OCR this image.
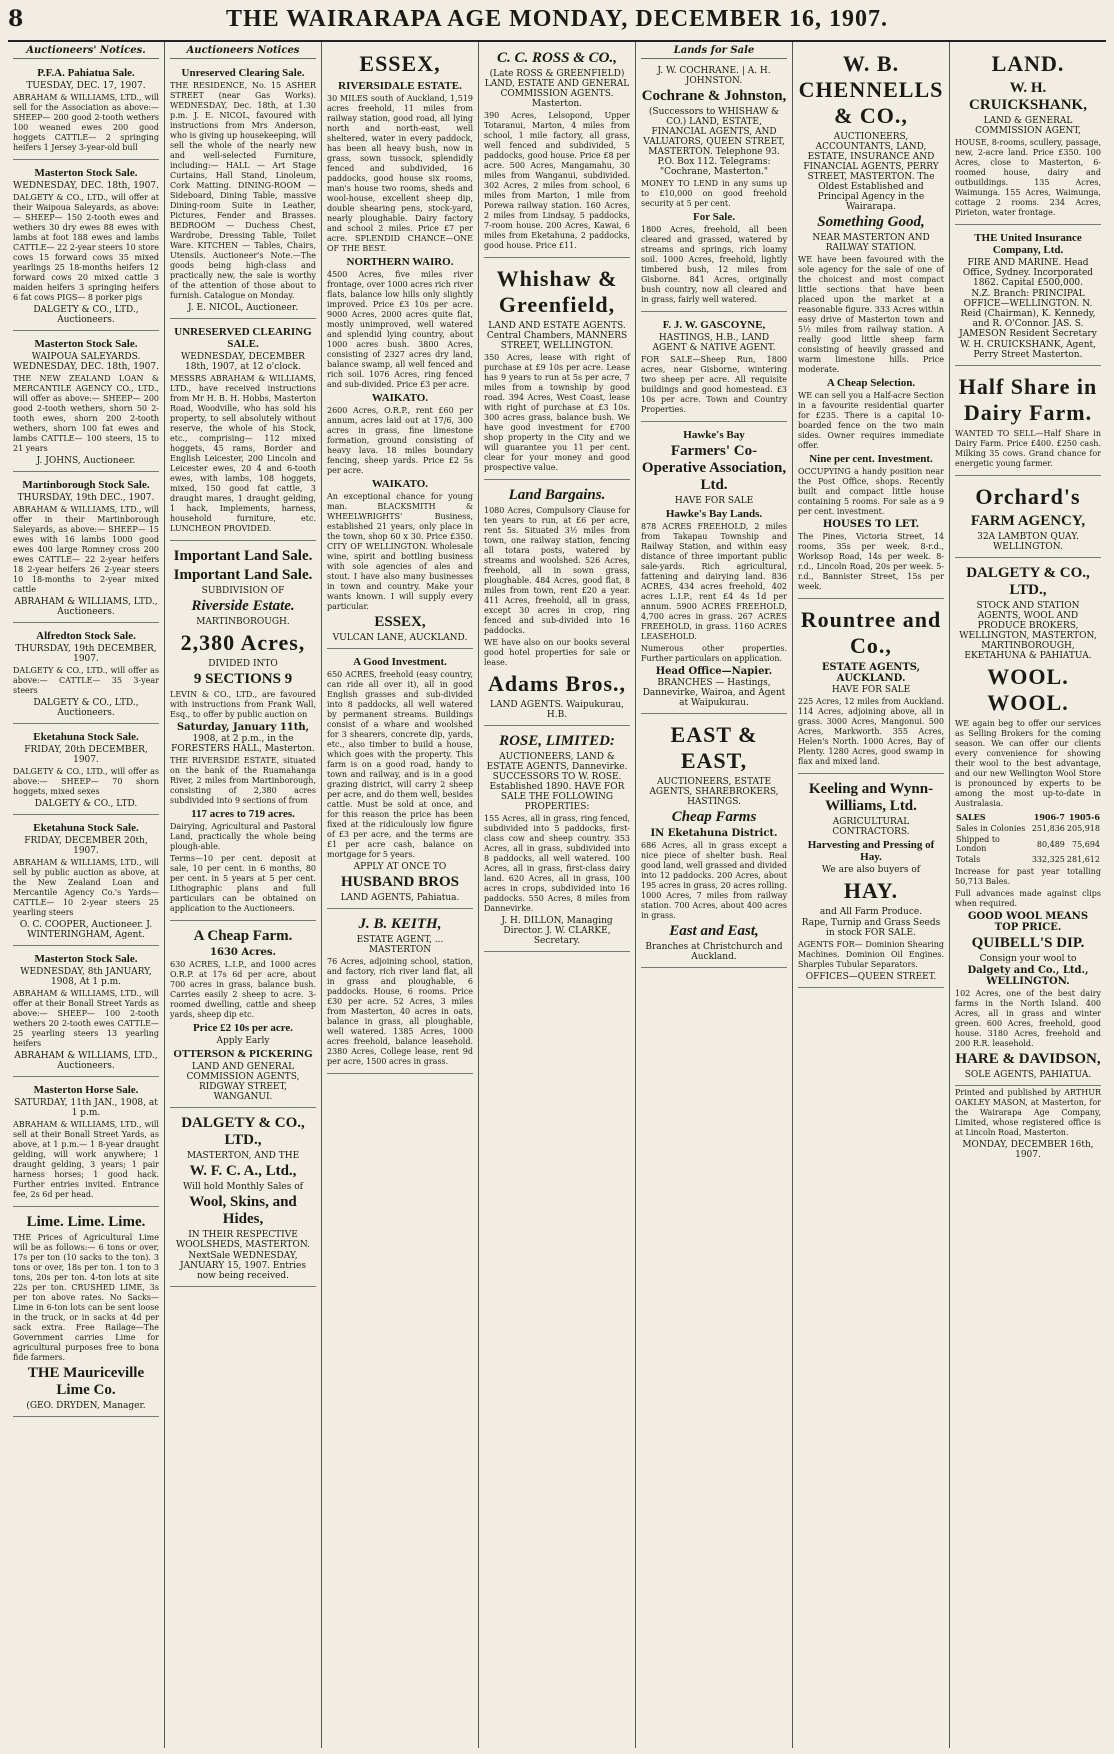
8	THE WAIRARAPA AGE MONDAY, DECEMBER 16, 1907.
Auctioneers' Notices.
P.F.A. Pahiatua Sale.
TUESDAY, DEC. 17, 1907.

ABRAHAM & WILLIAMS, LTD., will sell for the Association as above:— SHEEP— 200 good 2-tooth wethers 100 weaned ewes 200 good hoggets CATTLE— 2 springing heifers 1 Jersey 3-year-old bull

Masterton Stock Sale.
WEDNESDAY, DEC. 18th, 1907.

DALGETY & CO., LTD., will offer at their Waipoua Saleyards, as above:— SHEEP— 150 2-tooth ewes and wethers 30 dry ewes 88 ewes with lambs at foot 188 ewes and lambs CATTLE— 22 2-year steers 10 store cows 15 forward cows 35 mixed yearlings 25 18-months heifers 12 forward cows 20 mixed cattle 3 maiden heifers 3 springing heifers 6 fat cows PIGS— 8 porker pigs

DALGETY & CO., LTD., Auctioneers.
Masterton Stock Sale.
WAIPOUA SALEYARDS. WEDNESDAY, DEC. 18th, 1907.

THE NEW ZEALAND LOAN & MERCANTILE AGENCY CO., LTD., will offer as above:— SHEEP— 200 good 2-tooth wethers, shorn 50 2-tooth ewes, shorn 200 2-tooth wethers, shorn 100 fat ewes and lambs CATTLE— 100 steers, 15 to 21 years

J. JOHNS, Auctioneer.
Martinborough Stock Sale.
THURSDAY, 19th DEC., 1907.

ABRAHAM & WILLIAMS, LTD., will offer in their Martinborough Saleyards, as above:— SHEEP— 15 ewes with 16 lambs 1000 good ewes 400 large Romney cross 200 ewes CATTLE— 22 2-year heifers 18 2-year heifers 26 2-year steers 10 18-months to 2-year mixed cattle

ABRAHAM & WILLIAMS, LTD., Auctioneers.
Alfredton Stock Sale.
THURSDAY, 19th DECEMBER, 1907.

DALGETY & CO., LTD., will offer as above:— CATTLE— 35 3-year steers

DALGETY & CO., LTD., Auctioneers.
Eketahuna Stock Sale.
FRIDAY, 20th DECEMBER, 1907.

DALGETY & CO., LTD., will offer as above:— SHEEP— 70 shorn hoggets, mixed sexes

DALGETY & CO., LTD.
Eketahuna Stock Sale.
FRIDAY, DECEMBER 20th, 1907.

ABRAHAM & WILLIAMS, LTD., will sell by public auction as above, at the New Zealand Loan and Mercantile Agency Co.'s Yards— CATTLE— 10 2-year steers 25 yearling steers

O. C. COOPER, Auctioneer. J. WINTERINGHAM, Agent.
Masterton Stock Sale.
WEDNESDAY, 8th JANUARY, 1908, At 1 p.m.

ABRAHAM & WILLIAMS, LTD., will offer at their Bonall Street Yards as above:— SHEEP— 100 2-tooth wethers 20 2-tooth ewes CATTLE— 25 yearling steers 13 yearling heifers

ABRAHAM & WILLIAMS, LTD., Auctioneers.
Masterton Horse Sale.
SATURDAY, 11th JAN., 1908, at 1 p.m.

ABRAHAM & WILLIAMS, LTD., will sell at their Bonall Street Yards, as above, at 1 p.m.— 1 8-year draught gelding, will work anywhere; 1 draught gelding, 3 years; 1 pair harness horses; 1 good hack. Further entries invited. Entrance fee, 2s 6d per head.

Lime. Lime. Lime.

THE Prices of Agricultural Lime will be as follows:— 6 tons or over, 17s per ton (10 sacks to the ton). 3 tons or over, 18s per ton. 1 ton to 3 tons, 20s per ton. 4-ton lots at site 22s per ton. CRUSHED LIME, 3s per ton above rates. No Sacks—Lime in 6-ton lots can be sent loose in the truck, or in sacks at 4d per sack extra. Free Railage—The Government carries Lime for agricultural purposes free to bona fide farmers.

THE Mauriceville Lime Co.
(GEO. DRYDEN, Manager.
Auctioneers Notices
Unreserved Clearing Sale.

THE RESIDENCE, No. 15 ASHER STREET (near Gas Works). WEDNESDAY, Dec. 18th, at 1.30 p.m. J. E. NICOL, favoured with instructions from Mrs Anderson, who is giving up housekeeping, will sell the whole of the nearly new and well-selected Furniture, including:— HALL — Art Stage Curtains, Hall Stand, Linoleum, Cork Matting. DINING-ROOM — Sideboard, Dining Table, massive Dining-room Suite in Leather, Pictures, Fender and Brasses. BEDROOM — Duchess Chest, Wardrobe, Dressing Table, Toilet Ware. KITCHEN — Tables, Chairs, Utensils. Auctioneer's Note.—The goods being high-class and practically new, the sale is worthy of the attention of those about to furnish. Catalogue on Monday.

J. E. NICOL, Auctioneer.
UNRESERVED CLEARING SALE.
WEDNESDAY, DECEMBER 18th, 1907, at 12 o'clock.

MESSRS ABRAHAM & WILLIAMS, LTD., have received instructions from Mr H. B. H. Hobbs, Masterton Road, Woodville, who has sold his property, to sell absolutely without reserve, the whole of his Stock, etc., comprising— 112 mixed hoggets, 45 rams, Border and English Leicester, 200 Lincoln and Leicester ewes, 20 4 and 6-tooth ewes, with lambs, 108 hoggets, mixed, 150 good fat cattle, 3 draught mares, 1 draught gelding, 1 hack, Implements, harness, household furniture, etc. LUNCHEON PROVIDED.

Important Land Sale.
Important Land Sale.
SUBDIVISION OF
Riverside Estate.
MARTINBOROUGH.
2,380 Acres,
DIVIDED INTO
9 SECTIONS 9

LEVIN & CO., LTD., are favoured with instructions from Frank Wall, Esq., to offer by public auction on

Saturday, January 11th,
1908, at 2 p.m., in the FORESTERS HALL, Masterton.

THE RIVERSIDE ESTATE, situated on the bank of the Ruamahanga River, 2 miles from Martinborough, consisting of 2,380 acres subdivided into 9 sections of from

117 acres to 719 acres.

Dairying, Agricultural and Pastoral Land, practically the whole being plough-able.

Terms—10 per cent. deposit at sale, 10 per cent. in 6 months, 80 per cent. in 5 years at 5 per cent. Lithographic plans and full particulars can be obtained on application to the Auctioneers.

A Cheap Farm.
1630 Acres.

630 ACRES, L.I.P., and 1000 acres O.R.P. at 17s 6d per acre, about 700 acres in grass, balance bush. Carries easily 2 sheep to acre. 3-roomed dwelling, cattle and sheep yards, sheep dip etc.

Price £2 10s per acre.
Apply Early
OTTERSON & PICKERING
LAND AND GENERAL COMMISSION AGENTS, RIDGWAY STREET, WANGANUI.
DALGETY & CO., LTD.,
MASTERTON, AND THE
W. F. C. A., Ltd.,
Will hold Monthly Sales of
Wool, Skins, and Hides,
IN THEIR RESPECTIVE WOOLSHEDS, MASTERTON.
NextSale WEDNESDAY, JANUARY 15, 1907. Entries now being received.
ESSEX,
RIVERSIDALE ESTATE.

30 MILES south of Auckland, 1,519 acres freehold, 11 miles from railway station, good road, all lying north and north-east, well sheltered, water in every paddock, has been all heavy bush, now in grass, sown tussock, splendidly fenced and subdivided, 16 paddocks, good house six rooms, man's house two rooms, sheds and wool-house, excellent sheep dip, double shearing pens, stock-yard, nearly ploughable. Dairy factory and school 2 miles. Price £7 per acre. SPLENDID CHANCE—ONE OF THE BEST.

NORTHERN WAIRO.

4500 Acres, five miles river frontage, over 1000 acres rich river flats, balance low hills only slightly improved. Price £3 10s per acre. 9000 Acres, 2000 acres quite flat, mostly unimproved, well watered and splendid lying country, about 1000 acres bush. 3800 Acres, consisting of 2327 acres dry land, balance swamp, all well fenced and rich soil. 1076 Acres, ring fenced and sub-divided. Price £3 per acre.

WAIKATO.

2600 Acres, O.R.P., rent £60 per annum, acres laid out at 17/6, 300 acres in grass, fine limestone formation, ground consisting of heavy lava. 18 miles boundary fencing, sheep yards. Price £2 5s per acre.

WAIKATO.

An exceptional chance for young man. BLACKSMITH & WHEELWRIGHTS' Business, established 21 years, only place in the town, shop 60 x 30. Price £350. CITY OF WELLINGTON. Wholesale wine, spirit and bottling business with sole agencies of ales and stout. I have also many businesses in town and country. Make your wants known. I will supply every particular.

ESSEX,
VULCAN LANE, AUCKLAND.
A Good Investment.

650 ACRES, freehold (easy country, can ride all over it), all in good English grasses and sub-divided into 8 paddocks, all well watered by permanent streams. Buildings consist of a whare and woolshed for 3 shearers, concrete dip, yards, etc., also timber to build a house, which goes with the property. This farm is on a good road, handy to town and railway, and is in a good grazing district, will carry 2 sheep per acre, and do them well, besides cattle. Must be sold at once, and for this reason the price has been fixed at the ridiculously low figure of £3 per acre, and the terms are £1 per acre cash, balance on mortgage for 5 years.

APPLY AT ONCE TO
HUSBAND BROS
LAND AGENTS, Pahiatua.
J. B. KEITH,
ESTATE AGENT, ... MASTERTON

76 Acres, adjoining school, station, and factory, rich river land flat, all in grass and ploughable, 6 paddocks. House, 6 rooms. Price £30 per acre. 52 Acres, 3 miles from Masterton, 40 acres in oats, balance in grass, all ploughable, well watered. 1385 Acres, 1000 acres freehold, balance leasehold. 2380 Acres, College lease, rent 9d per acre, 1500 acres in grass.

C. C. ROSS & CO.,
(Late ROSS & GREENFIELD) LAND, ESTATE AND GENERAL COMMISSION AGENTS. Masterton.

390 Acres, Lelsopond, Upper Totaranui, Marton, 4 miles from school, 1 mile factory, all grass, well fenced and subdivided, 5 paddocks, good house. Price £8 per acre. 500 Acres, Mangamahu, 30 miles from Wanganui, subdivided. 302 Acres, 2 miles from school, 6 miles from Marton, 1 mile from Porewa railway station. 160 Acres, 2 miles from Lindsay, 5 paddocks, 7-room house. 200 Acres, Kawai, 6 miles from Eketahuna, 2 paddocks, good house. Price £11.

Whishaw & Greenfield,
LAND AND ESTATE AGENTS. Central Chambers, MANNERS STREET, WELLINGTON.

350 Acres, lease with right of purchase at £9 10s per acre. Lease has 9 years to run at 5s per acre, 7 miles from a township by good road. 394 Acres, West Coast, lease with right of purchase at £3 10s. 300 acres grass, balance bush. We have good investment for £700 shop property in the City and we will guarantee you 11 per cent. clear for your money and good prospective value.

Land Bargains.

1080 Acres, Compulsory Clause for ten years to run, at £6 per acre, rent 5s. Situated 3½ miles from town, one railway station, fencing all totara posts, watered by streams and woolshed. 526 Acres, freehold, all in sown grass, ploughable. 484 Acres, good flat, 8 miles from town, rent £20 a year. 411 Acres, freehold, all in grass, except 30 acres in crop, ring fenced and sub-divided into 16 paddocks.

WE have also on our books several good hotel properties for sale or lease.

Adams Bros.,
LAND AGENTS. Waipukurau, H.B.
ROSE, LIMITED:
AUCTIONEERS, LAND & ESTATE AGENTS, Dannevirke. SUCCESSORS TO W. ROSE. Established 1890. HAVE FOR SALE THE FOLLOWING PROPERTIES:

155 Acres, all in grass, ring fenced, subdivided into 5 paddocks, first-class cow and sheep country. 353 Acres, all in grass, subdivided into 8 paddocks, all well watered. 100 Acres, all in grass, first-class dairy land. 620 Acres, all in grass, 100 acres in crops, subdivided into 16 paddocks. 550 Acres, 8 miles from Dannevirke.

J. H. DILLON, Managing Director. J. W. CLARKE, Secretary.
Lands for Sale
J. W. COCHRANE. | A. H. JOHNSTON.
Cochrane & Johnston,
(Successors to WHISHAW & CO.) LAND, ESTATE, FINANCIAL AGENTS, AND VALUATORS, QUEEN STREET, MASTERTON. Telephone 93. P.O. Box 112. Telegrams: "Cochrane, Masterton."

MONEY TO LEND in any sums up to £10,000 on good freehold security at 5 per cent.

For Sale.

1800 Acres, freehold, all been cleared and grassed, watered by streams and springs, rich loamy soil. 1000 Acres, freehold, lightly timbered bush, 12 miles from Gisborne. 841 Acres, originally bush country, now all cleared and in grass, fairly well watered.

F. J. W. GASCOYNE,
HASTINGS, H.B., LAND AGENT & NATIVE AGENT.

FOR SALE—Sheep Run, 1800 acres, near Gisborne, wintering two sheep per acre. All requisite buildings and good homestead. £3 10s per acre. Town and Country Properties.

Hawke's Bay
Farmers' Co-Operative Association, Ltd.
HAVE FOR SALE
Hawke's Bay Lands.

878 ACRES FREEHOLD, 2 miles from Takapau Township and Railway Station, and within easy distance of three important public sale-yards. Rich agricultural, fattening and dairying land. 836 ACRES, 434 acres freehold, 402 acres L.I.P., rent £4 4s 1d per annum. 5900 ACRES FREEHOLD, 4,700 acres in grass. 267 ACRES FREEHOLD, in grass. 1160 ACRES LEASEHOLD.

Numerous other properties. Further particulars on application.

Head Office—Napier.
BRANCHES — Hastings, Dannevirke, Wairoa, and Agent at Waipukurau.
EAST & EAST,
AUCTIONEERS, ESTATE AGENTS, SHAREBROKERS, HASTINGS.
Cheap Farms
IN Eketahuna District.

686 Acres, all in grass except a nice piece of shelter bush. Real good land, well grassed and divided into 12 paddocks. 200 Acres, about 195 acres in grass, 20 acres rolling. 1000 Acres, 7 miles from railway station. 700 Acres, about 400 acres in grass.

East and East,
Branches at Christchurch and Auckland.
W. B. CHENNELLS & CO.,
AUCTIONEERS, ACCOUNTANTS, LAND, ESTATE, INSURANCE AND FINANCIAL AGENTS, PERRY STREET, MASTERTON. The Oldest Established and Principal Agency in the Wairarapa.
Something Good,
NEAR MASTERTON AND RAILWAY STATION.

WE have been favoured with the sole agency for the sale of one of the choicest and most compact little sections that have been placed upon the market at a reasonable figure. 333 Acres within easy drive of Masterton town and 5½ miles from railway station. A really good little sheep farm consisting of heavily grassed and warm limestone hills. Price moderate.

A Cheap Selection.

WE can sell you a Half-acre Section in a favourite residential quarter for £235. There is a capital 10-boarded fence on the two main sides. Owner requires immediate offer.

Nine per cent. Investment.

OCCUPYING a handy position near the Post Office, shops. Recently built and compact little house containing 5 rooms. For sale as a 9 per cent. investment.

HOUSES TO LET.

The Pines, Victoria Street, 14 rooms, 35s per week. 8-r.d., Worksop Road, 14s per week. 8-r.d., Lincoln Road, 20s per week. 5-r.d., Bannister Street, 15s per week.

Rountree and Co.,
ESTATE AGENTS, AUCKLAND.
HAVE FOR SALE

225 Acres, 12 miles from Auckland. 114 Acres, adjoining above, all in grass. 3000 Acres, Mangonui. 500 Acres, Markworth. 355 Acres, Helen's North. 1000 Acres, Bay of Plenty. 1280 Acres, good swamp in flax and mixed land.

Keeling and Wynn-Williams, Ltd.
AGRICULTURAL CONTRACTORS.
Harvesting and Pressing of Hay.
We are also buyers of
HAY.
and All Farm Produce.
Rape, Turnip and Grass Seeds in stock FOR SALE.

AGENTS FOR— Dominion Shearing Machines. Dominion Oil Engines. Sharples Tubular Separators.

OFFICES—QUEEN STREET.
LAND.
W. H. CRUICKSHANK,
LAND & GENERAL COMMISSION AGENT,

HOUSE, 8-rooms, scullery, passage, new, 2-acre land. Price £350. 100 Acres, close to Masterton, 6-roomed house, dairy and outbuildings. 135 Acres, Waimunga. 155 Acres, Waimunga, cottage 2 rooms. 234 Acres, Pirieton, water frontage.

THE United Insurance Company, Ltd.
FIRE AND MARINE. Head Office, Sydney. Incorporated 1862. Capital £500,000.
N.Z. Branch: PRINCIPAL OFFICE—WELLINGTON. N. Reid (Chairman), K. Kennedy, and R. O'Connor. JAS. S. JAMESON Resident Secretary
W. H. CRUICKSHANK, Agent, Perry Street Masterton.
Half Share in Dairy Farm.

WANTED TO SELL—Half Share in Dairy Farm. Price £400. £250 cash. Milking 35 cows. Grand chance for energetic young farmer.

Orchard's
FARM AGENCY,
32A LAMBTON QUAY. WELLINGTON.
DALGETY & CO., LTD.,
STOCK AND STATION AGENTS, WOOL AND PRODUCE BROKERS, WELLINGTON, MASTERTON, MARTINBOROUGH, EKETAHUNA & PAHIATUA.
WOOL. WOOL.

WE again beg to offer our services as Selling Brokers for the coming season. We can offer our clients every convenience for showing their wool to the best advantage, and our new Wellington Wool Store is pronounced by experts to be among the most up-to-date in Australasia.

SALES	1906-7	1905-6
Sales in Colonies	251,836	205,918
Shipped to London	80,489	75,694
Totals	332,325	281,612

Increase for past year totalling 50,713 Bales.

Full advances made against clips when required.

GOOD WOOL MEANS TOP PRICE.
QUIBELL'S DIP.
Consign your wool to
Dalgety and Co., Ltd., WELLINGTON.

102 Acres, one of the best dairy farms in the North Island. 400 Acres, all in grass and winter green. 600 Acres, freehold, good house. 3180 Acres, freehold and 200 R.R. leasehold.

HARE & DAVIDSON,
SOLE AGENTS, PAHIATUA.

Printed and published by ARTHUR OAKLEY MASON, at Masterton, for the Wairarapa Age Company, Limited, whose registered office is at Lincoln Road, Masterton.

MONDAY, DECEMBER 16th, 1907.
